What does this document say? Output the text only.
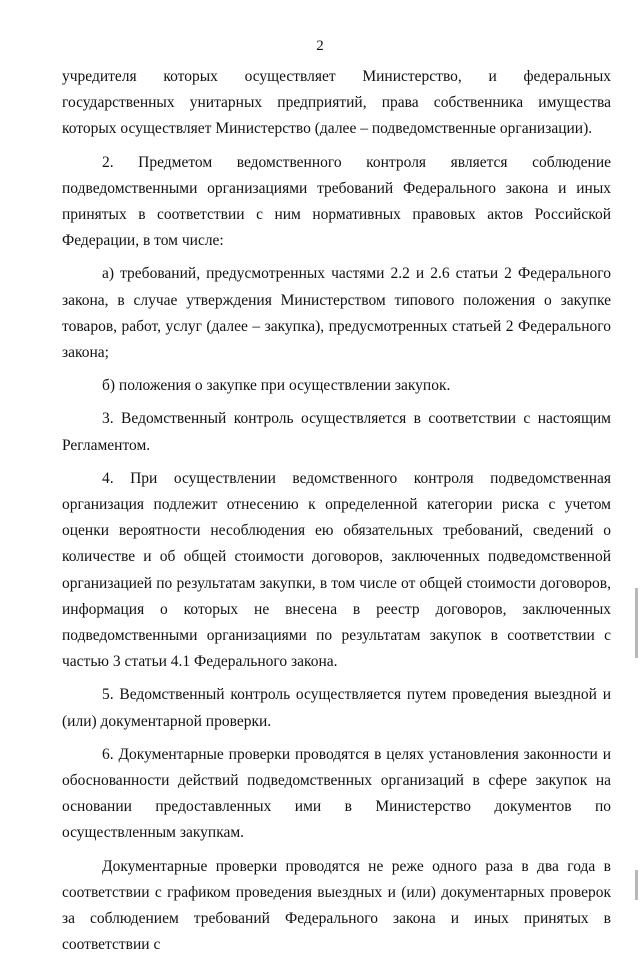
2

учредителя которых осуществляет Министерство, и федеральных государственных унитарных предприятий, права собственника имущества которых осуществляет Министерство (далее – подведомственные организации).

2. Предметом ведомственного контроля является соблюдение подведомственными организациями требований Федерального закона и иных принятых в соответствии с ним нормативных правовых актов Российской Федерации, в том числе:

а) требований, предусмотренных частями 2.2 и 2.6 статьи 2 Федерального закона, в случае утверждения Министерством типового положения о закупке товаров, работ, услуг (далее – закупка), предусмотренных статьей 2 Федерального закона;

б) положения о закупке при осуществлении закупок.

3. Ведомственный контроль осуществляется в соответствии с настоящим Регламентом.

4. При осуществлении ведомственного контроля подведомственная организация подлежит отнесению к определенной категории риска с учетом оценки вероятности несоблюдения ею обязательных требований, сведений о количестве и об общей стоимости договоров, заключенных подведомственной организацией по результатам закупки, в том числе от общей стоимости договоров, информация о которых не внесена в реестр договоров, заключенных подведомственными организациями по результатам закупок в соответствии с частью 3 статьи 4.1 Федерального закона.

5. Ведомственный контроль осуществляется путем проведения выездной и (или) документарной проверки.

6. Документарные проверки проводятся в целях установления законности и обоснованности действий подведомственных организаций в сфере закупок на основании предоставленных ими в Министерство документов по осуществленным закупкам.

Документарные проверки проводятся не реже одного раза в два года в соответствии с графиком проведения выездных и (или) документарных проверок за соблюдением требований Федерального закона и иных принятых в соответствии с
